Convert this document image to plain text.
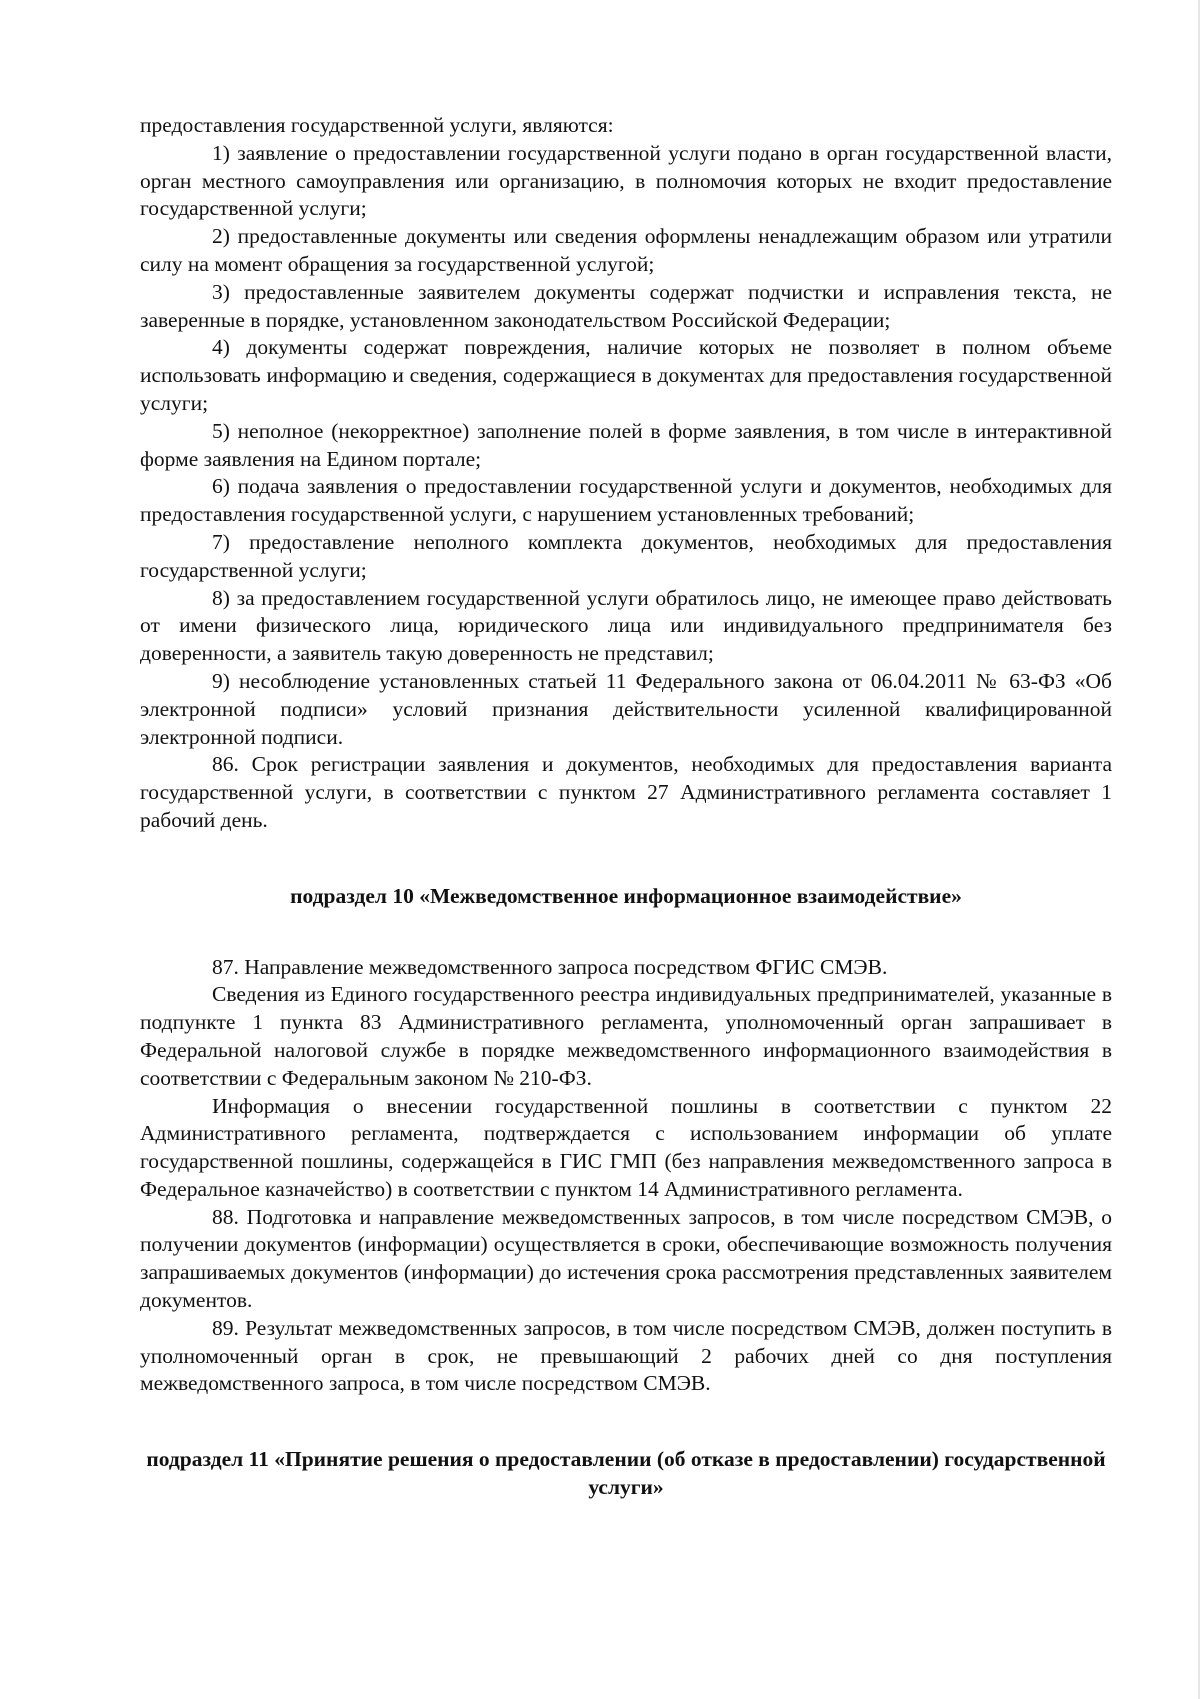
предоставления государственной услуги, являются:

1) заявление о предоставлении государственной услуги подано в орган государственной власти, орган местного самоуправления или организацию, в полномочия которых не входит предоставление государственной услуги;

2) предоставленные документы или сведения оформлены ненадлежащим образом или утратили силу на момент обращения за государственной услугой;

3) предоставленные заявителем документы содержат подчистки и исправления текста, не заверенные в порядке, установленном законодательством Российской Федерации;

4) документы содержат повреждения, наличие которых не позволяет в полном объеме использовать информацию и сведения, содержащиеся в документах для предоставления государственной услуги;

5) неполное (некорректное) заполнение полей в форме заявления, в том числе в интерактивной форме заявления на Едином портале;

6) подача заявления о предоставлении государственной услуги и документов, необходимых для предоставления государственной услуги, с нарушением установленных требований;

7) предоставление неполного комплекта документов, необходимых для предоставления государственной услуги;

8) за предоставлением государственной услуги обратилось лицо, не имеющее право действовать от имени физического лица, юридического лица или индивидуального предпринимателя без доверенности, а заявитель такую доверенность не представил;

9) несоблюдение установленных статьей 11 Федерального закона от 06.04.2011 № 63-ФЗ «Об электронной подписи» условий признания действительности усиленной квалифицированной электронной подписи.

86. Срок регистрации заявления и документов, необходимых для предоставления варианта государственной услуги, в соответствии с пунктом 27 Административного регламента составляет 1 рабочий день.

подраздел 10 «Межведомственное информационное взаимодействие»

87. Направление межведомственного запроса посредством ФГИС СМЭВ.

Сведения из Единого государственного реестра индивидуальных предпринимателей, указанные в подпункте 1 пункта 83 Административного регламента, уполномоченный орган запрашивает в Федеральной налоговой службе в порядке межведомственного информационного взаимодействия в соответствии с Федеральным законом № 210-ФЗ.

Информация о внесении государственной пошлины в соответствии с пунктом 22 Административного регламента, подтверждается с использованием информации об уплате государственной пошлины, содержащейся в ГИС ГМП (без направления межведомственного запроса в Федеральное казначейство) в соответствии с пунктом 14 Административного регламента.

88. Подготовка и направление межведомственных запросов, в том числе посредством СМЭВ, о получении документов (информации) осуществляется в сроки, обеспечивающие возможность получения запрашиваемых документов (информации) до истечения срока рассмотрения представленных заявителем документов.

89. Результат межведомственных запросов, в том числе посредством СМЭВ, должен поступить в уполномоченный орган в срок, не превышающий 2 рабочих дней со дня поступления межведомственного запроса, в том числе посредством СМЭВ.

подраздел 11 «Принятие решения о предоставлении (об отказе в предоставлении) государственной услуги»
